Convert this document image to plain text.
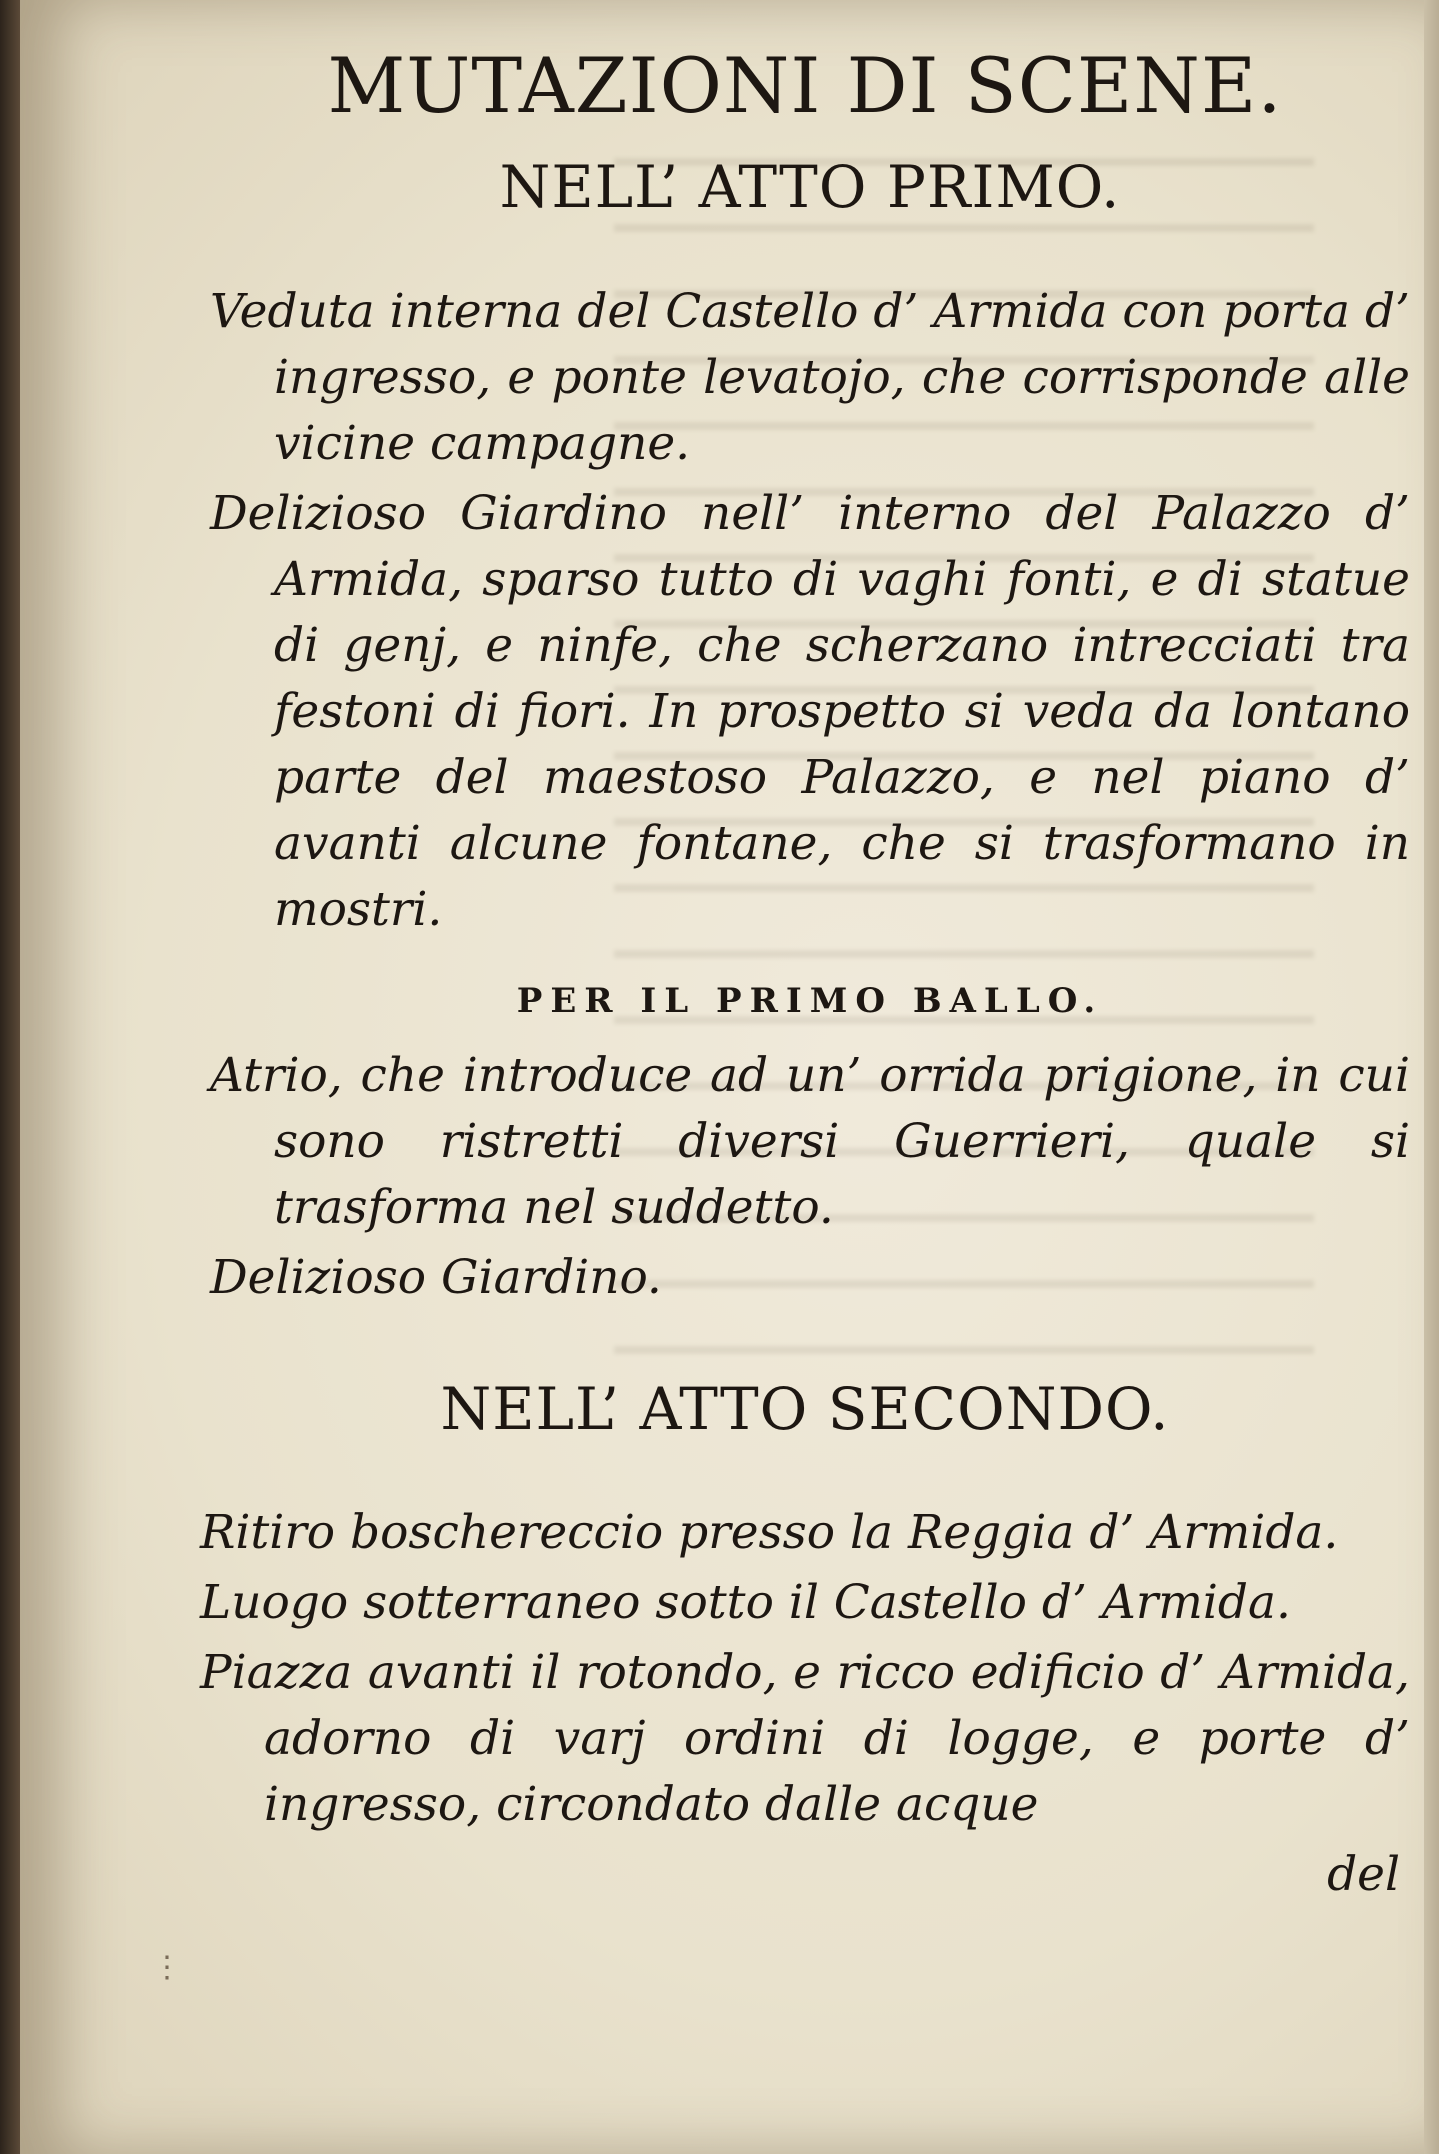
MUTAZIONI DI SCENE.
NELL’ ATTO PRIMO.

Veduta interna del Castello d’ Armida con porta d’ ingresso, e ponte levatojo, che corrisponde alle vicine campagne.

Delizioso Giardino nell’ interno del Palazzo d’ Armida, sparso tutto di vaghi fonti, e di statue di genj, e ninfe, che scherzano intrecciati tra festoni di fiori. In prospetto si veda da lontano parte del maestoso Palazzo, e nel piano d’ avanti alcune fontane, che si trasformano in mostri.

PER IL PRIMO BALLO.

Atrio, che introduce ad un’ orrida prigione, in cui sono ristretti diversi Guerrieri, quale si trasforma nel suddetto.

Delizioso Giardino.

NELL’ ATTO SECONDO.

Ritiro boschereccio presso la Reggia d’ Armida.

Luogo sotterraneo sotto il Castello d’ Armida.

Piazza avanti il rotondo, e ricco edificio d’ Armida, adorno di varj ordini di logge, e porte d’ ingresso, circondato dalle acque

del

⋮
